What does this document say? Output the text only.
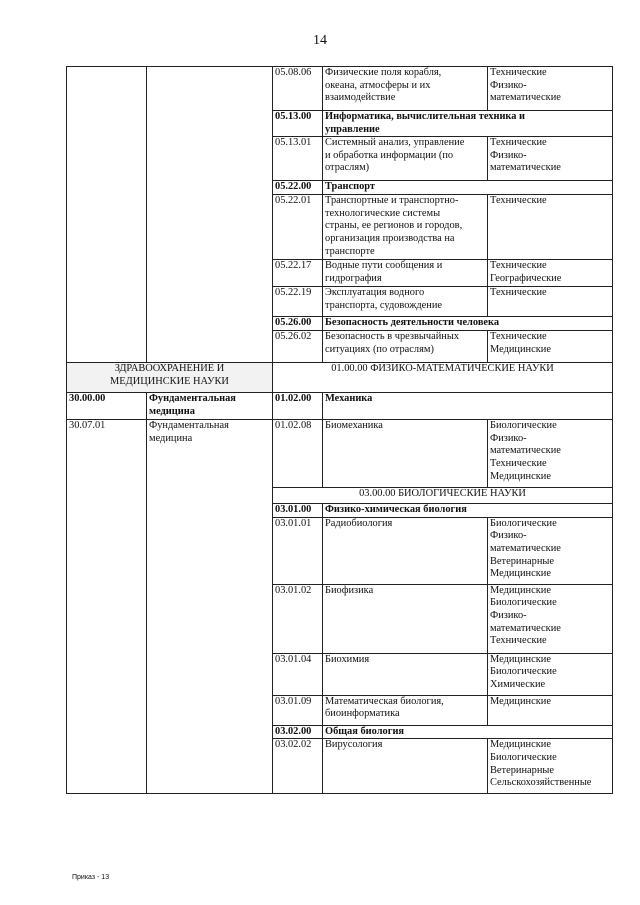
14
		05.08.06	Физические поля корабля,
океана, атмосферы и их
взаимодействие	Технические
Физико-
математические

		05.13.00	Информатика, вычислительная техника и
управление	

		05.13.01	Системный анализ, управление
и обработка информации (по
отраслям)	Технические
Физико-
математические

		05.22.00	Транспорт	

		05.22.01	Транспортные и транспортно-
технологические системы
страны, ее регионов и городов,
организация производства на
транспорте	Технические

		05.22.17	Водные пути сообщения и
гидрография	Технические
Географические

		05.22.19	Эксплуатация водного
транспорта, судовождение	Технические

		05.26.00	Безопасность деятельности человека	

		05.26.02	Безопасность в чрезвычайных
ситуациях (по отраслям)	Технические
Медицинские

ЗДРАВООХРАНЕНИЕ И
МЕДИЦИНСКИЕ НАУКИ		01.00.00 ФИЗИКО-МАТЕМАТИЧЕСКИЕ НАУКИ		
30.00.00	Фундаментальная
медицина	01.02.00	Механика	

30.07.01	Фундаментальная
медицина	01.02.08	Биомеханика	Биологические
Физико-
математические
Технические
Медицинские

		03.00.00 БИОЛОГИЧЕСКИЕ НАУКИ		
		03.01.00	Физико-химическая биология	

		03.01.01	Радиобиология	Биологические
Физико-
математические
Ветеринарные
Медицинские

		03.01.02	Биофизика	Медицинские
Биологические
Физико-
математические
Технические

		03.01.04	Биохимия	Медицинские
Биологические
Химические

		03.01.09	Математическая биология,
биоинформатика	Медицинские

		03.02.00	Общая биология	

		03.02.02	Вирусология	Медицинские
Биологические
Ветеринарные
Сельскохозяйственные
Приказ - 13
